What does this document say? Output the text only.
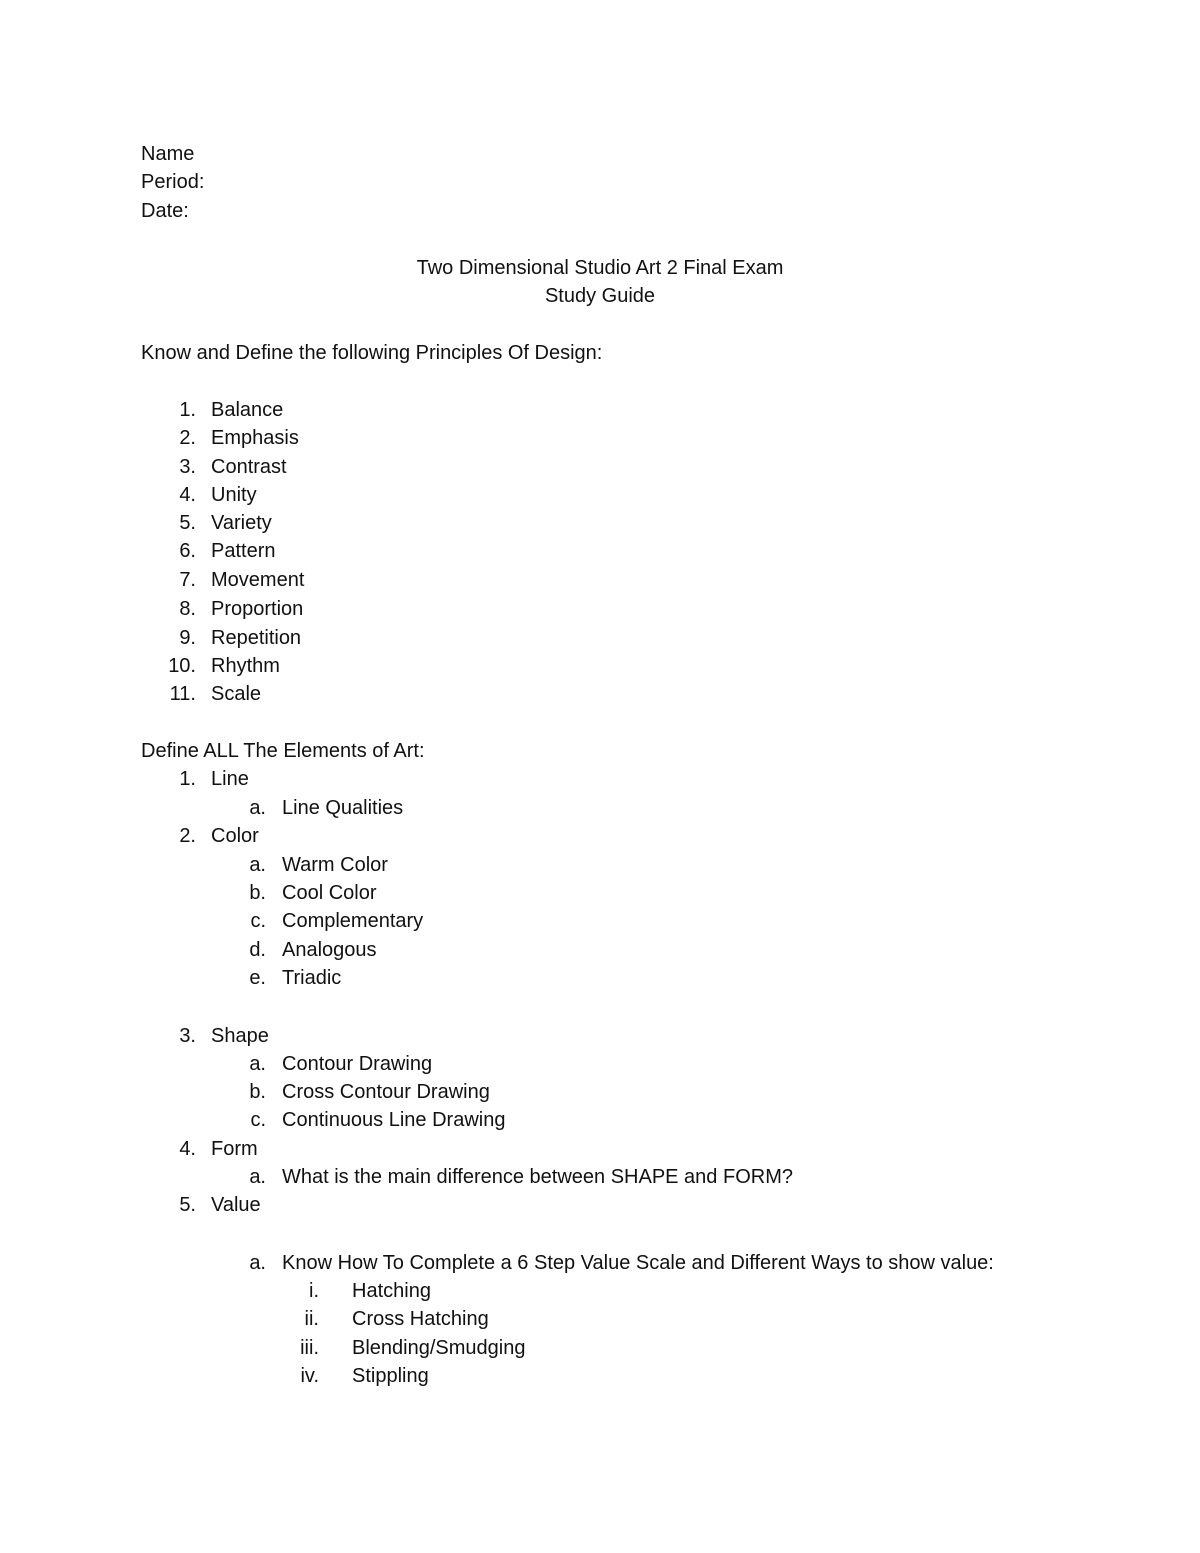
Name
Period:
Date:
Two Dimensional Studio Art 2 Final Exam
Study Guide
Know and Define the following Principles Of Design:
1. Balance
2. Emphasis
3. Contrast
4. Unity
5. Variety
6. Pattern
7. Movement
8. Proportion
9. Repetition
10. Rhythm
11. Scale
Define ALL The Elements of Art:
1. Line
a. Line Qualities
2. Color
a. Warm Color
b. Cool Color
c. Complementary
d. Analogous
e. Triadic
3. Shape
a. Contour Drawing
b. Cross Contour Drawing
c. Continuous Line Drawing
4. Form
a. What is the main difference between SHAPE and FORM?
5. Value
a. Know How To Complete a 6 Step Value Scale and Different Ways to show value:
i. Hatching
ii. Cross Hatching
iii. Blending/Smudging
iv. Stippling
